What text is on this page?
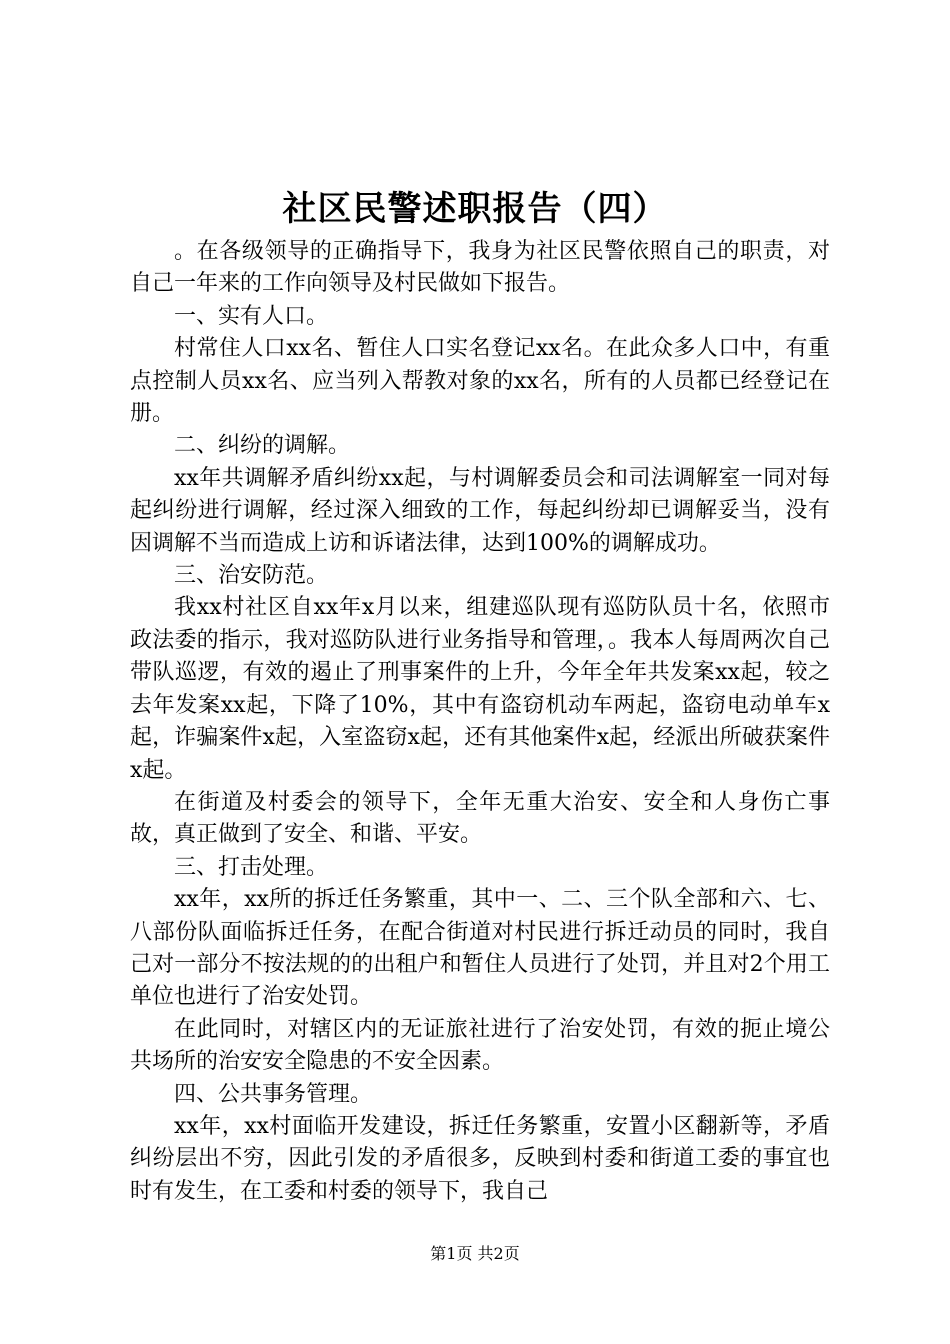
社区民警述职报告（四）

。在各级领导的正确指导下，我身为社区民警依照自己的职责，对自己一年来的工作向领导及村民做如下报告。

一、实有人口。

村常住人口xx名、暂住人口实名登记xx名。在此众多人口中，有重点控制人员xx名、应当列入帮教对象的xx名，所有的人员都已经登记在册。

二、纠纷的调解。

xx年共调解矛盾纠纷xx起，与村调解委员会和司法调解室一同对每起纠纷进行调解，经过深入细致的工作，每起纠纷却已调解妥当，没有因调解不当而造成上访和诉诸法律，达到100%的调解成功。

三、治安防范。

我xx村社区自xx年x月以来，组建巡队现有巡防队员十名，依照市政法委的指示，我对巡防队进行业务指导和管理，。我本人每周两次自己带队巡逻，有效的遏止了刑事案件的上升，今年全年共发案xx起，较之去年发案xx起，下降了10%，其中有盗窃机动车两起，盗窃电动单车x起，诈骗案件x起，入室盗窃x起，还有其他案件x起，经派出所破获案件x起。

在街道及村委会的领导下，全年无重大治安、安全和人身伤亡事故，真正做到了安全、和谐、平安。

三、打击处理。

xx年，xx所的拆迁任务繁重，其中一、二、三个队全部和六、七、八部份队面临拆迁任务，在配合街道对村民进行拆迁动员的同时，我自己对一部分不按法规的的出租户和暂住人员进行了处罚，并且对2个用工单位也进行了治安处罚。

在此同时，对辖区内的无证旅社进行了治安处罚，有效的扼止境公共场所的治安安全隐患的不安全因素。

四、公共事务管理。

xx年，xx村面临开发建设，拆迁任务繁重，安置小区翻新等，矛盾纠纷层出不穷，因此引发的矛盾很多，反映到村委和街道工委的事宜也时有发生，在工委和村委的领导下，我自己

第1页 共2页
